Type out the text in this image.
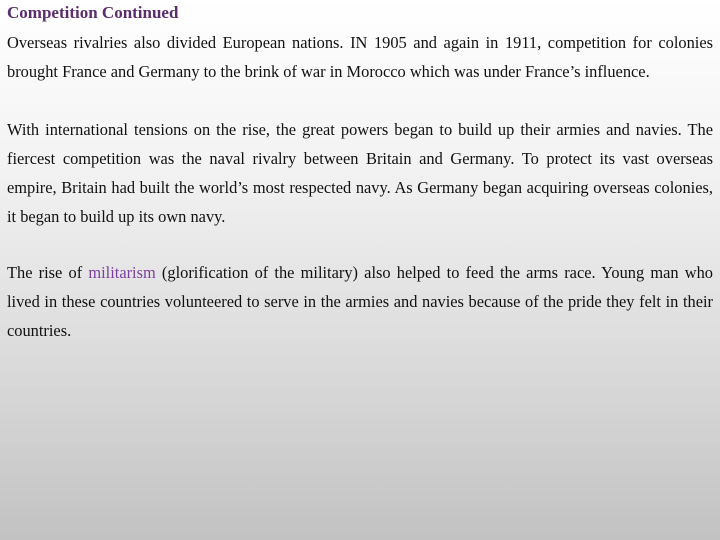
Competition Continued

Overseas rivalries also divided European nations. IN 1905 and again in 1911, competition for colonies brought France and Germany to the brink of war in Morocco which was under France’s influence.

With international tensions on the rise, the great powers began to build up their armies and navies. The fiercest competition was the naval rivalry between Britain and Germany. To protect its vast overseas empire, Britain had built the world’s most respected navy. As Germany began acquiring overseas colonies, it began to build up its own navy.

The rise of militarism (glorification of the military) also helped to feed the arms race. Young man who lived in these countries volunteered to serve in the armies and navies because of the pride they felt in their countries.
